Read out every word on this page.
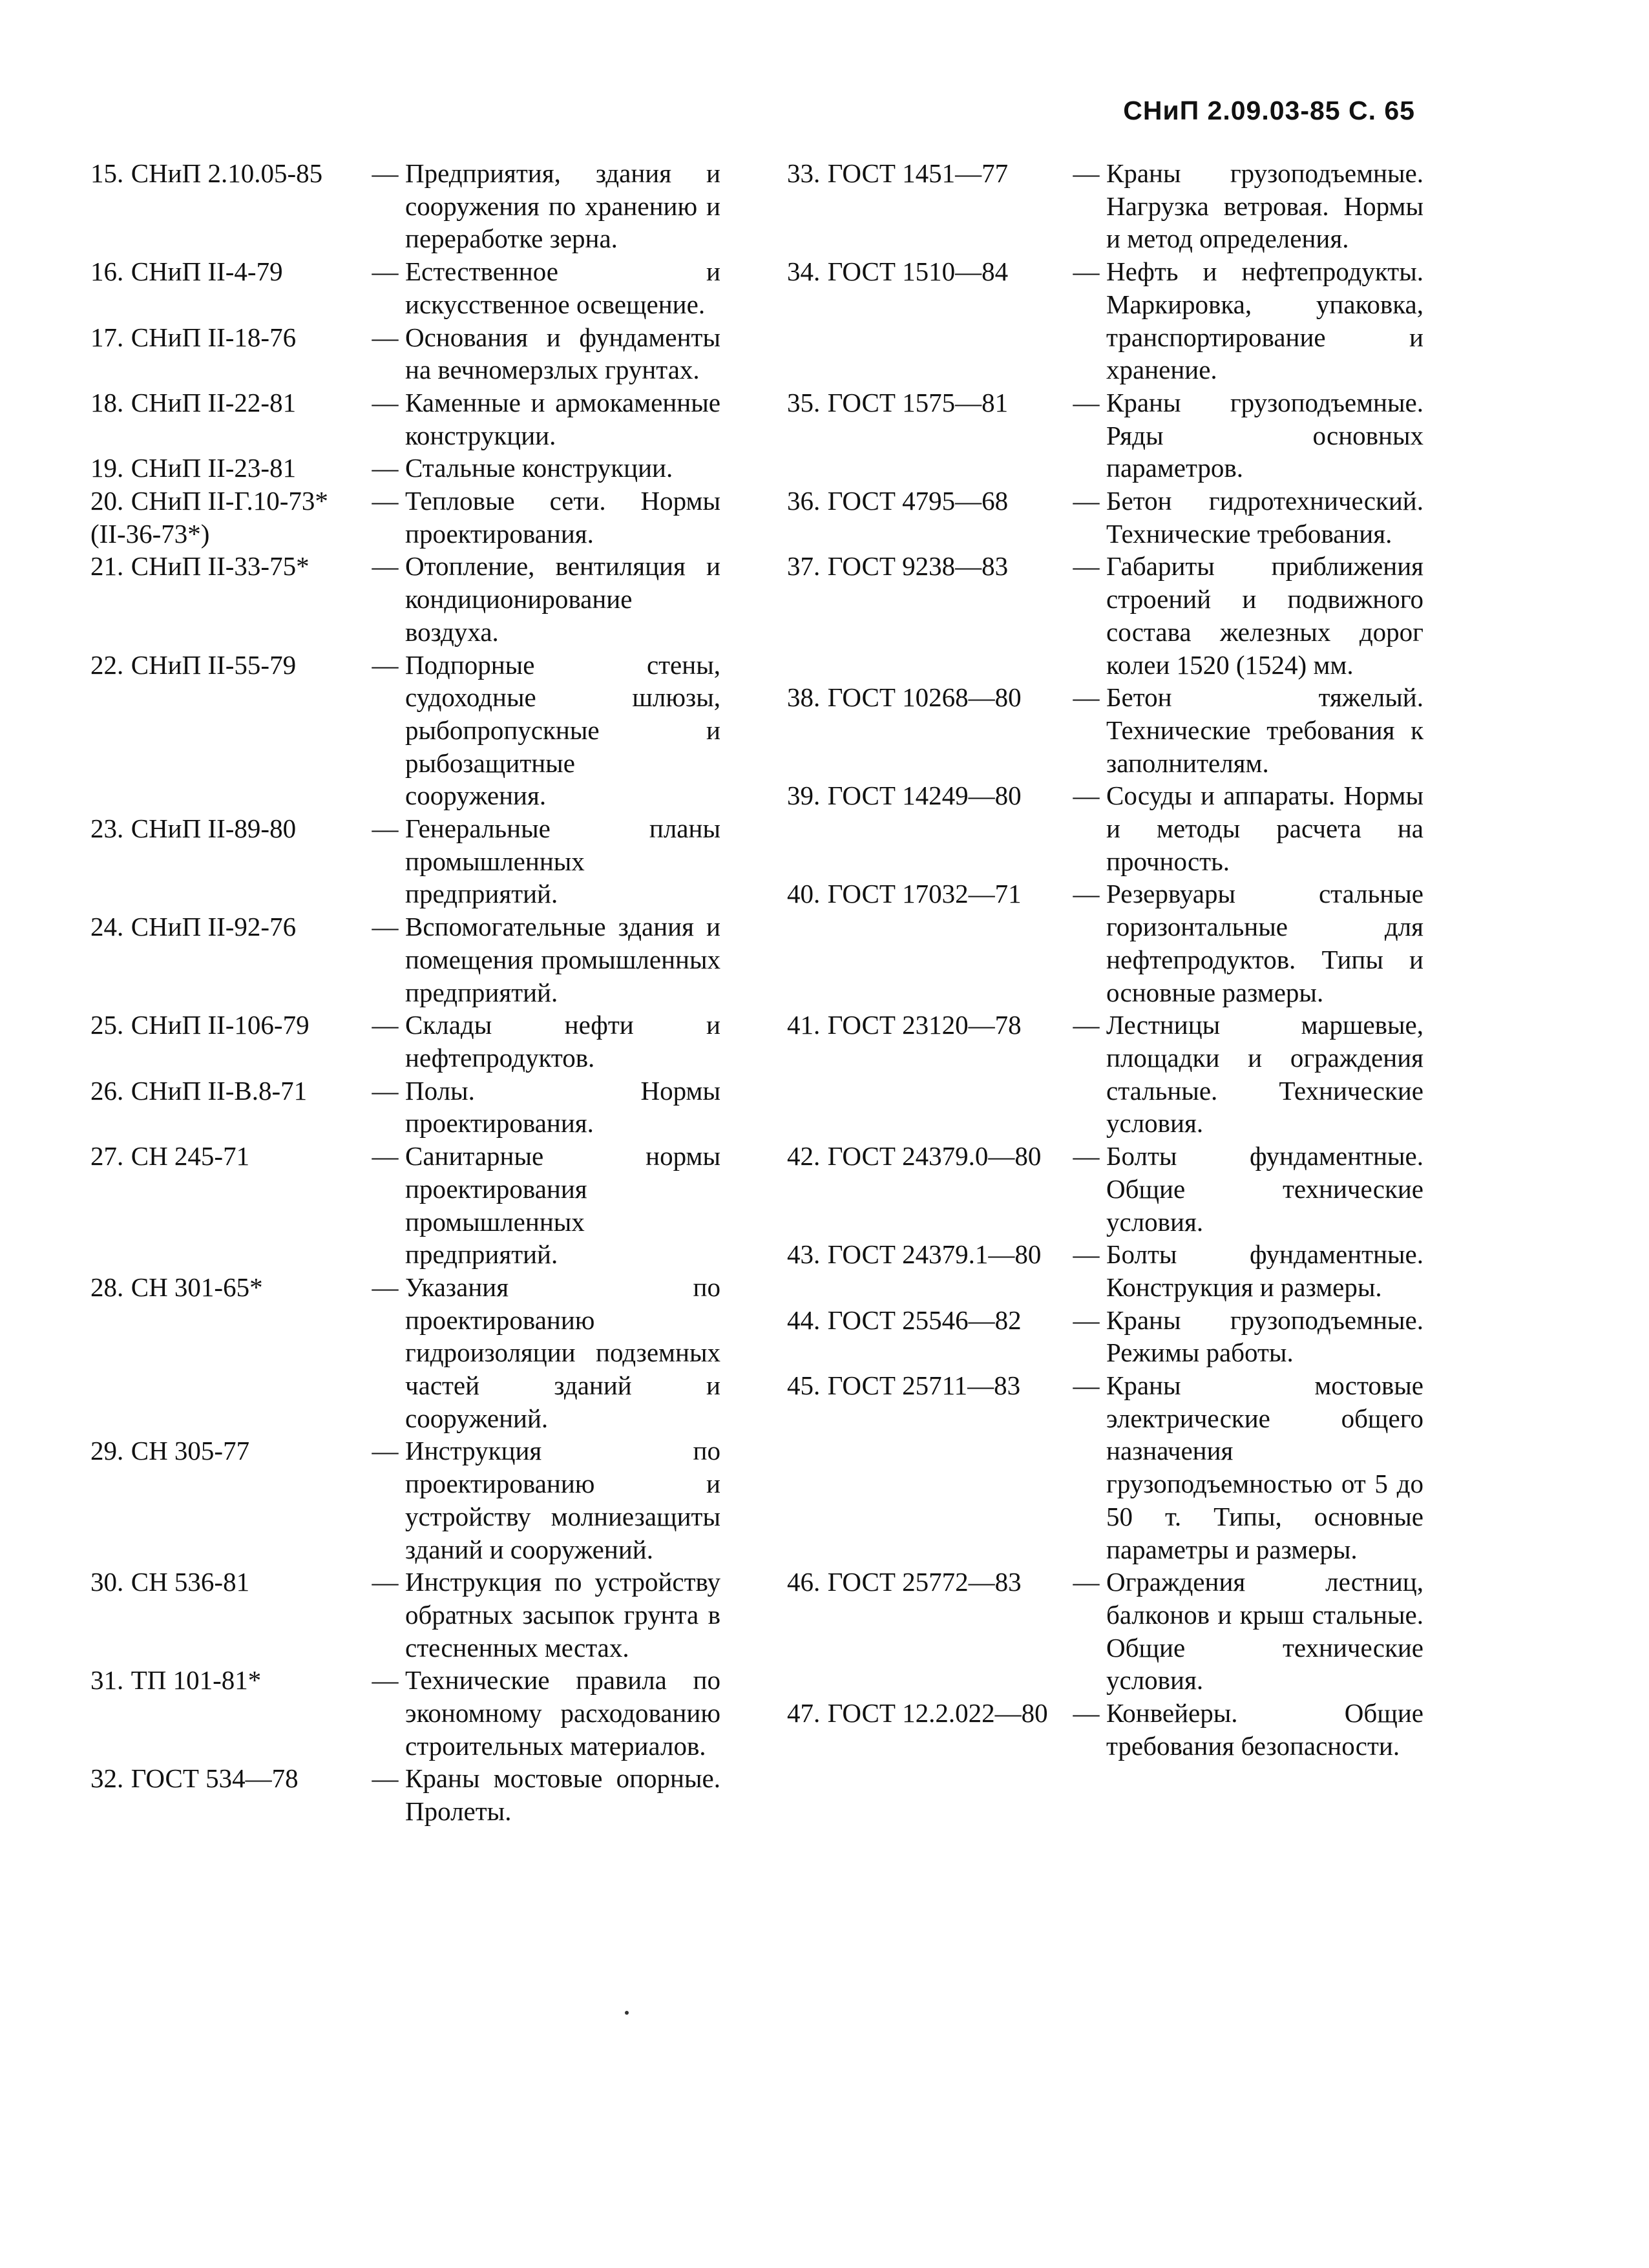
СНиП 2.09.03-85 С. 65
15. СНиП 2.10.05-85 — Предприятия, здания и сооружения по хранению и переработке зерна.
16. СНиП II-4-79	— Естественное и искусственное освещение.
17. СНиП II-18-76	— Основания и фундаменты на вечномерзлых грунтах.
18. СНиП II-22-81	— Каменные и армокаменные конструкции.
19. СНиП II-23-81	— Стальные конструкции.
20. СНиП II-Г.10-73*
(II-36-73*)
— Тепловые сети. Нормы проектирования.
21. СНиП II-33-75* — Отопление, вентиляция и кондиционирование воздуха.
22. СНиП II-55-79	— Подпорные стены, судоходные шлюзы, рыбопропускные и рыбозащитные сооружения.
23. СНиП II-89-80	— Генеральные планы промышленных предприятий.
24. СНиП II-92-76	— Вспомогательные здания и помещения промышленных предприятий.
25. СНиП II-106-79 — Склады нефти и нефтепродуктов.
26. СНиП II-В.8-71 — Полы. Нормы проектирования.
27. СН 245-71	— Санитарные нормы проектирования промышленных предприятий.
28. СН 301-65*	— Указания по проектированию гидроизоляции подземных частей зданий и сооружений.
29. СН 305-77	— Инструкция по проектированию и устройству молниезащиты зданий и сооружений.
30. СН 536-81	— Инструкция по устройству обратных засыпок грунта в стесненных местах.
31. ТП 101-81*	— Технические правила по экономному расходованию строительных материалов.
32. ГОСТ 534—78	— Краны мостовые опорные. Пролеты.
33. ГОСТ 1451—77 — Краны грузоподъемные. Нагрузка ветровая. Нормы и метод определения.
34. ГОСТ 1510—84 — Нефть и нефтепродукты. Маркировка, упаковка, транспортирование и хранение.
35. ГОСТ 1575—81 — Краны грузоподъемные. Ряды основных параметров.
36. ГОСТ 4795—68 — Бетон гидротехнический. Технические требования.
37. ГОСТ 9238—83 — Габариты приближения строений и подвижного состава железных дорог колеи 1520 (1524) мм.
38. ГОСТ 10268—80 — Бетон тяжелый. Технические требования к заполнителям.
39. ГОСТ 14249—80 — Сосуды и аппараты. Нормы и методы расчета на прочность.
40. ГОСТ 17032—71 — Резервуары стальные горизонтальные для нефтепродуктов. Типы и основные размеры.
41. ГОСТ 23120—78 — Лестницы маршевые, площадки и ограждения стальные. Технические условия.
42. ГОСТ 24379.0—80 — Болты фундаментные. Общие технические условия.
43. ГОСТ 24379.1—80 — Болты фундаментные. Конструкция и размеры.
44. ГОСТ 25546—82 — Краны грузоподъемные. Режимы работы.
45. ГОСТ 25711—83 — Краны мостовые электрические общего назначения грузоподъемностью от 5 до 50 т. Типы, основные параметры и размеры.
46. ГОСТ 25772—83 — Ограждения лестниц, балконов и крыш стальные. Общие технические условия.
47. ГОСТ 12.2.022—80 — Конвейеры. Общие требования безопасности.
